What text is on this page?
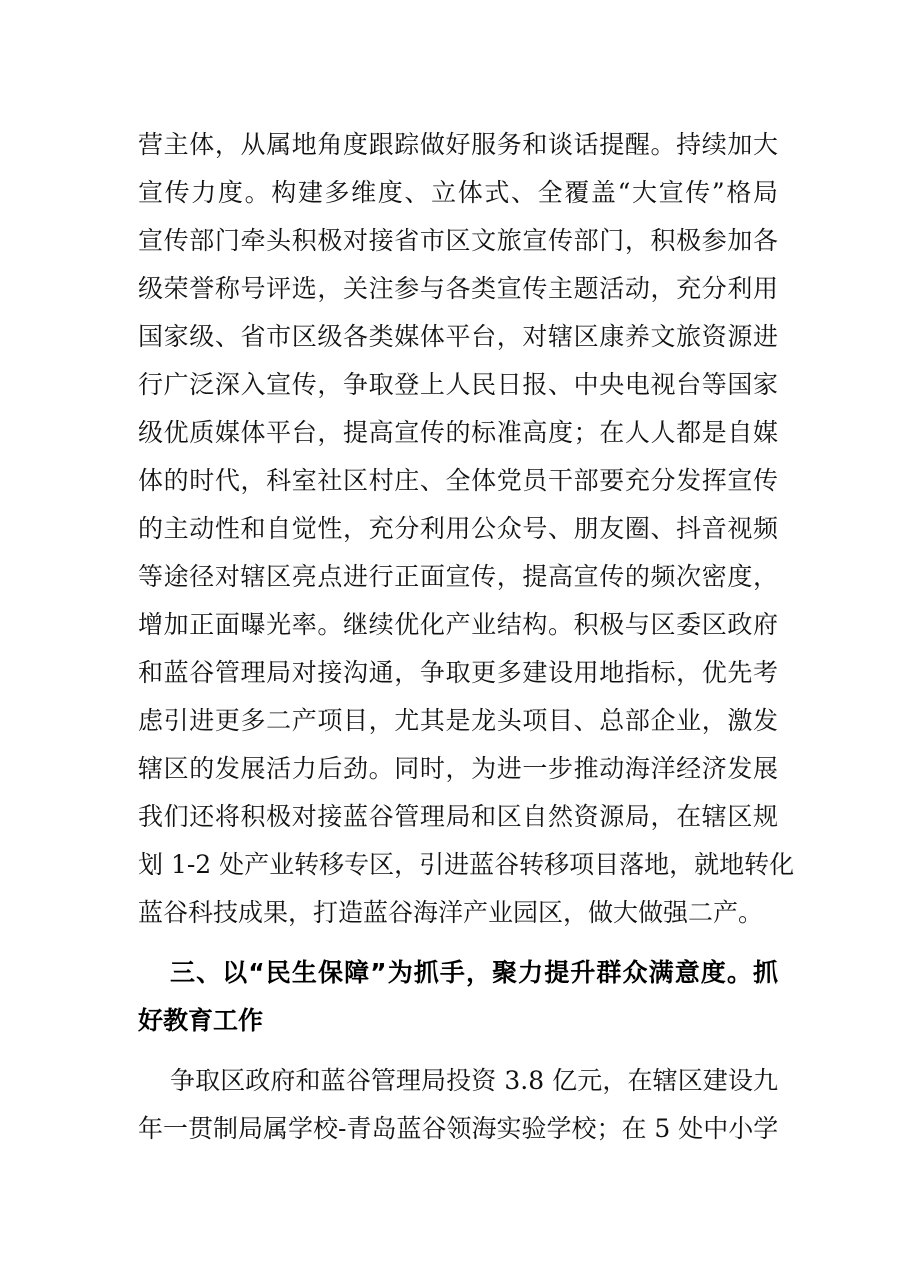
营主体，从属地角度跟踪做好服务和谈话提醒。持续加大
宣传力度。构建多维度、立体式、全覆盖“大宣传”格局
宣传部门牵头积极对接省市区文旅宣传部门，积极参加各
级荣誉称号评选，关注参与各类宣传主题活动，充分利用
国家级、省市区级各类媒体平台，对辖区康养文旅资源进
行广泛深入宣传，争取登上人民日报、中央电视台等国家
级优质媒体平台，提高宣传的标准高度；在人人都是自媒
体的时代，科室社区村庄、全体党员干部要充分发挥宣传
的主动性和自觉性，充分利用公众号、朋友圈、抖音视频
等途径对辖区亮点进行正面宣传，提高宣传的频次密度，
增加正面曝光率。继续优化产业结构。积极与区委区政府
和蓝谷管理局对接沟通，争取更多建设用地指标，优先考
虑引进更多二产项目，尤其是龙头项目、总部企业，激发
辖区的发展活力后劲。同时，为进一步推动海洋经济发展
我们还将积极对接蓝谷管理局和区自然资源局，在辖区规
划 1-2 处产业转移专区，引进蓝谷转移项目落地，就地转化
蓝谷科技成果，打造蓝谷海洋产业园区，做大做强二产。
三、以“民生保障”为抓手，聚力提升群众满意度。抓
好教育工作
争取区政府和蓝谷管理局投资 3.8 亿元，在辖区建设九
年一贯制局属学校-青岛蓝谷领海实验学校；在 5 处中小学
